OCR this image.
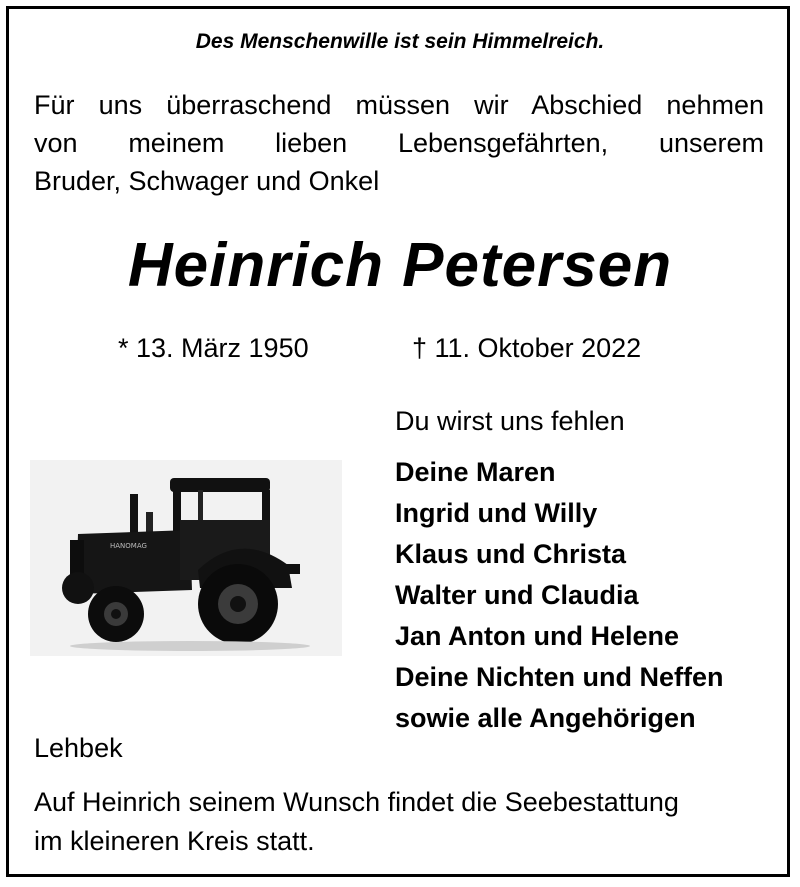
Des Menschenwille ist sein Himmelreich.
Für uns überraschend müssen wir Abschied nehmen
von meinem lieben Lebensgefährten, unserem
Bruder, Schwager und Onkel
Heinrich Petersen
* 13. März 1950	† 11. Oktober 2022
Du wirst uns fehlen
HANOMAG
Deine Maren
Ingrid und Willy
Klaus und Christa
Walter und Claudia
Jan Anton und Helene
Deine Nichten und Neffen
sowie alle Angehörigen
Lehbek
Auf Heinrich seinem Wunsch findet die Seebestattung
im kleineren Kreis statt.
